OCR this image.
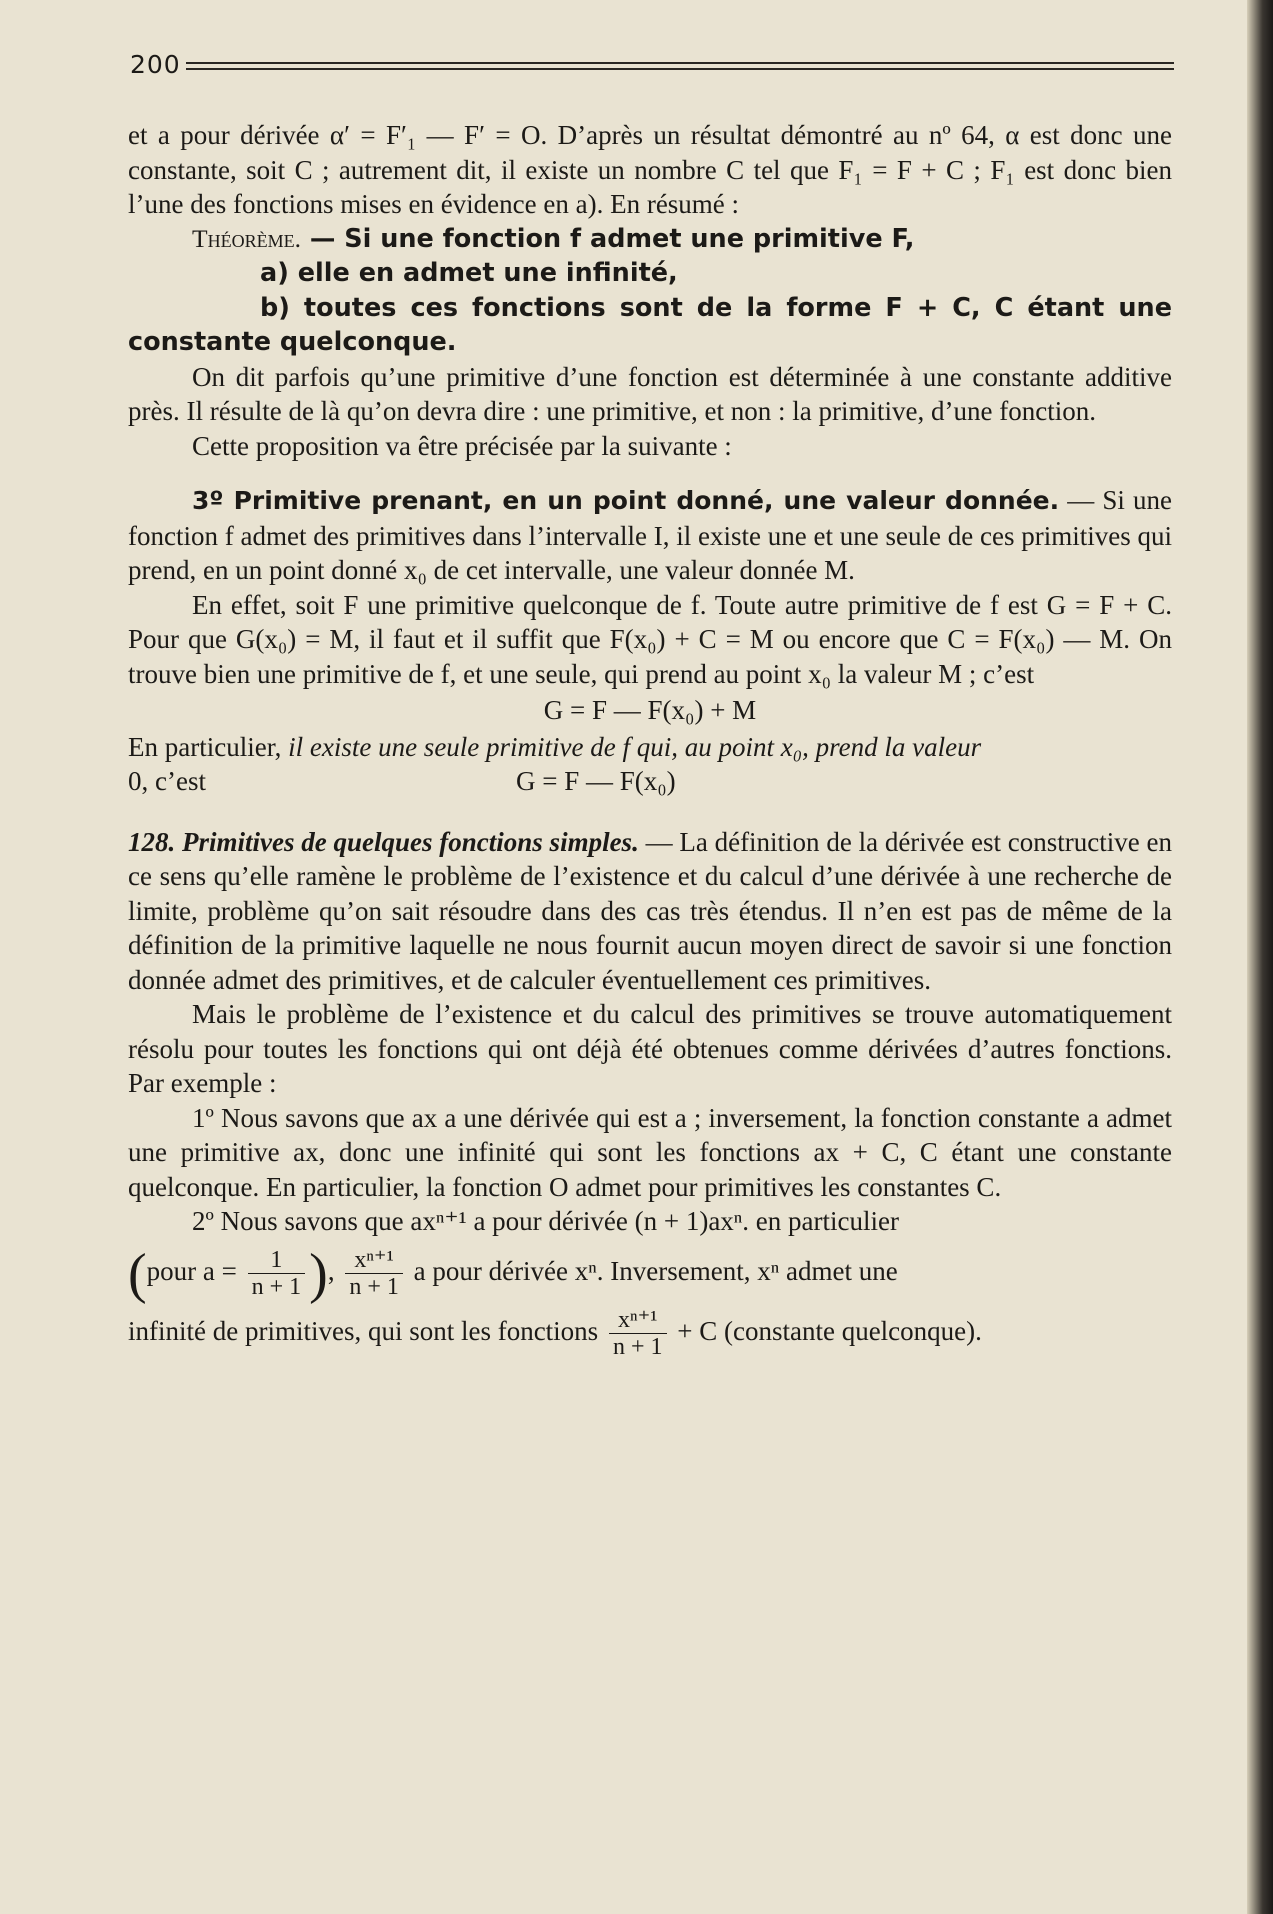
200

et a pour dérivée α′ = F′₁ — F′ = O. D’après un résultat démontré au nº 64, α est donc une constante, soit C ; autrement dit, il existe un nombre C tel que F₁ = F + C ; F₁ est donc bien l’une des fonctions mises en évidence en a). En résumé :

Théorème. — Si une fonction f admet une primitive F,

a) elle en admet une infinité,

b) toutes ces fonctions sont de la forme F + C, C étant une constante quelconque.

On dit parfois qu’une primitive d’une fonction est déterminée à une constante additive près. Il résulte de là qu’on devra dire : une primitive, et non : la primitive, d’une fonction.

Cette proposition va être précisée par la suivante :

3º Primitive prenant, en un point donné, une valeur donnée. — Si une fonction f admet des primitives dans l’intervalle I, il existe une et une seule de ces primitives qui prend, en un point donné x₀ de cet intervalle, une valeur donnée M.

En effet, soit F une primitive quelconque de f. Toute autre primitive de f est G = F + C. Pour que G(x₀) = M, il faut et il suffit que F(x₀) + C = M ou encore que C = F(x₀) — M. On trouve bien une primitive de f, et une seule, qui prend au point x₀ la valeur M ; c’est

G = F — F(x₀) + M

En particulier, il existe une seule primitive de f qui, au point x₀, prend la valeur

0, c’est	G = F — F(x₀)

128. Primitives de quelques fonctions simples. — La définition de la dérivée est constructive en ce sens qu’elle ramène le problème de l’existence et du calcul d’une dérivée à une recherche de limite, problème qu’on sait résoudre dans des cas très étendus. Il n’en est pas de même de la définition de la primitive laquelle ne nous fournit aucun moyen direct de savoir si une fonction donnée admet des primitives, et de calculer éventuellement ces primitives.

Mais le problème de l’existence et du calcul des primitives se trouve automatiquement résolu pour toutes les fonctions qui ont déjà été obtenues comme dérivées d’autres fonctions. Par exemple :

1º Nous savons que ax a une dérivée qui est a ; inversement, la fonction constante a admet une primitive ax, donc une infinité qui sont les fonctions ax + C, C étant une constante quelconque. En particulier, la fonction O admet pour primitives les constantes C.

2º Nous savons que axⁿ⁺¹ a pour dérivée (n + 1)axⁿ. en particulier

(pour $a = \frac{1}{n + 1}$ ), $\frac{\text{xⁿ⁺¹}}{n + 1}$ a pour dérivée xⁿ. Inversement, xⁿ admet une

infinité de primitives, qui sont les fonctions $\frac{\text{xⁿ⁺¹}}{n + 1} + C$ (constante quelconque).
